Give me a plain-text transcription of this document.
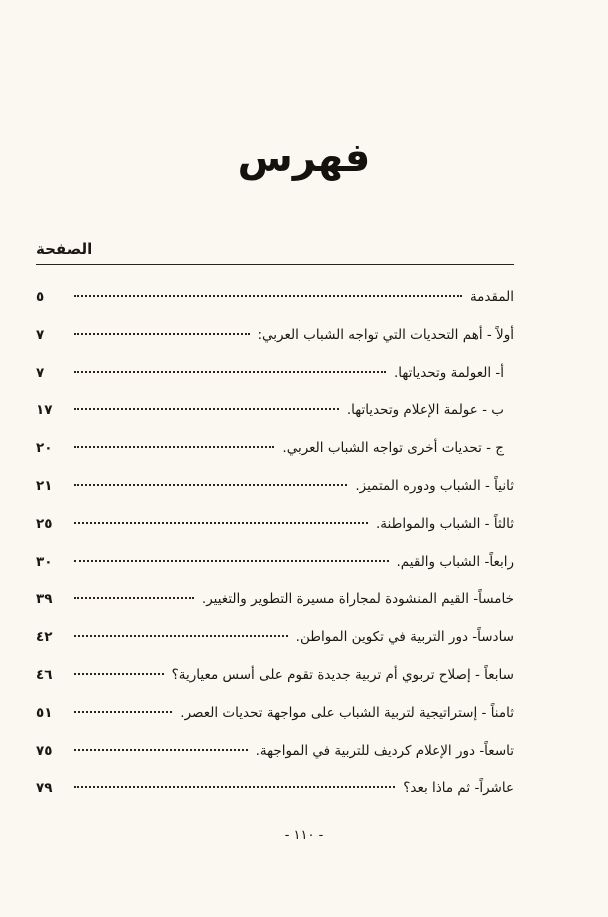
فهرس
الصفحة
المقدمة
٥
أولاً - أهم التحديات التي تواجه الشباب العربي:
٧
أ- العولمة وتحدياتها.
٧
ب - عولمة الإعلام وتحدياتها.
١٧
ج - تحديات أخرى تواجه الشباب العربي.
٢٠
ثانياً - الشباب ودوره المتميز.
٢١
ثالثاً - الشباب والمواطنة.
٢٥
رابعاً- الشباب والقيم.
٣٠
خامساً- القيم المنشودة لمجاراة مسيرة التطوير والتغيير.
٣٩
سادساً- دور التربية في تكوين المواطن.
٤٢
سابعاً - إصلاح تربوي أم تربية جديدة تقوم على أسس معيارية؟
٤٦
ثامناً - إستراتيجية لتربية الشباب على مواجهة تحديات العصر.
٥١
تاسعاً- دور الإعلام كرديف للتربية في المواجهة.
٧٥
عاشراً- ثم ماذا بعد؟
٧٩
- ١١٠ -
